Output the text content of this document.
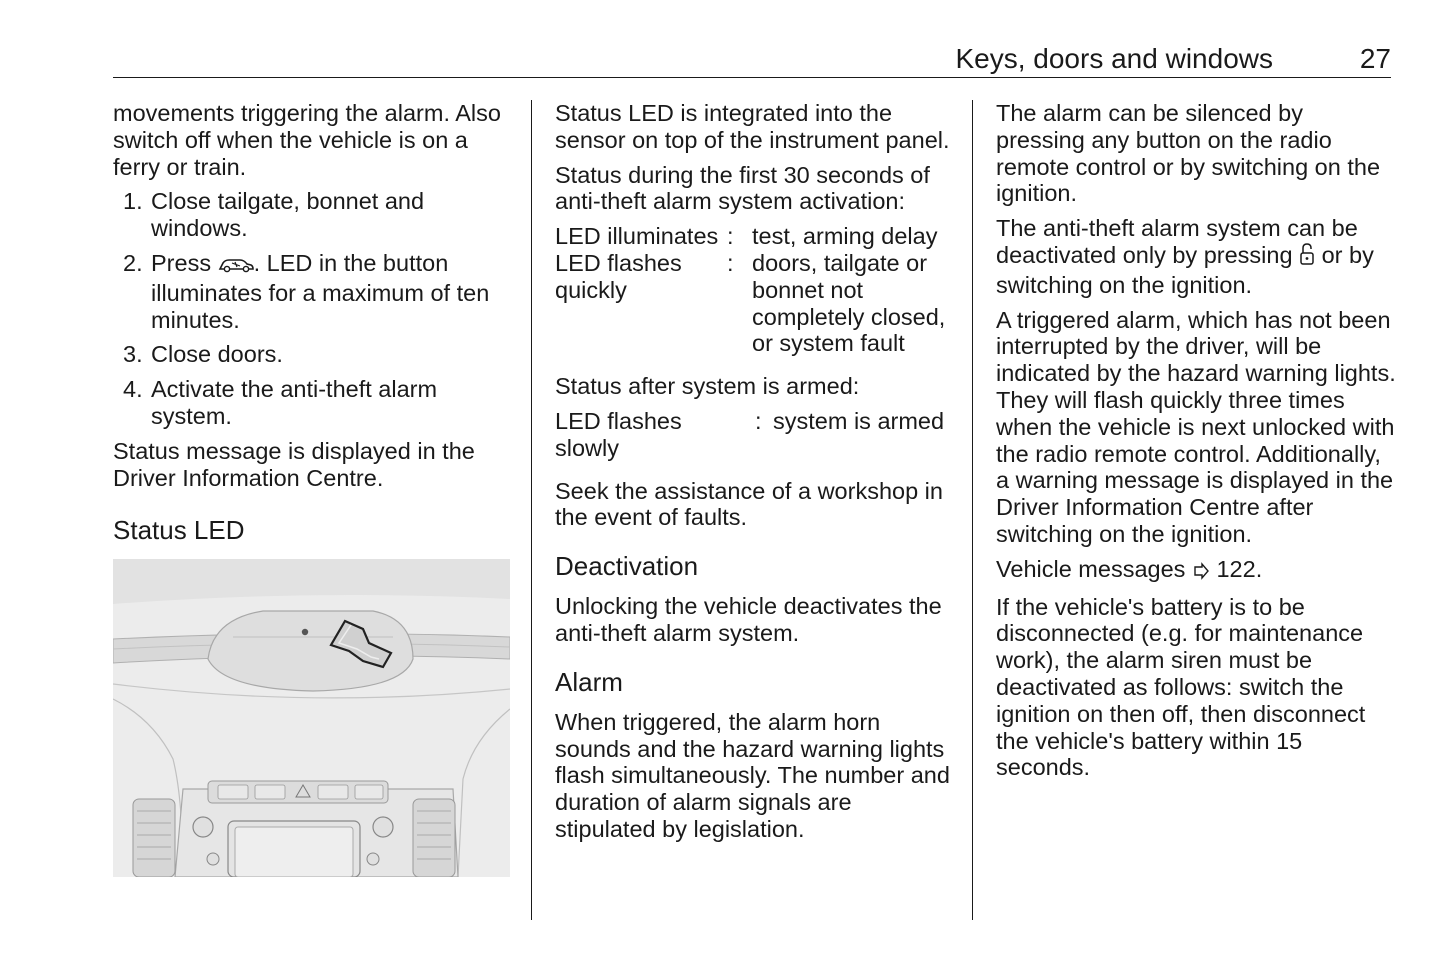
Keys, doors and windows	27

movements triggering the alarm. Also switch off when the vehicle is on a ferry or train.

1. Close tailgate, bonnet and windows.
2. Press . LED in the button illuminates for a maximum of ten minutes.
3. Close doors.
4. Activate the anti-theft alarm system.

Status message is displayed in the Driver Information Centre.

Status LED

Status LED is integrated into the sensor on top of the instrument panel.

Status during the first 30 seconds of anti-theft alarm system activation:

LED illuminates : test, arming delay
LED flashes quickly
: doors, tailgate or bonnet not completely closed, or system fault

Status after system is armed:

LED flashes slowly
: system is armed

Seek the assistance of a workshop in the event of faults.

Deactivation

Unlocking the vehicle deactivates the anti-theft alarm system.

Alarm

When triggered, the alarm horn sounds and the hazard warning lights flash simultaneously. The number and duration of alarm signals are stipulated by legislation.

The alarm can be silenced by pressing any button on the radio remote control or by switching on the ignition.

The anti-theft alarm system can be deactivated only by pressing or by switching on the ignition.

A triggered alarm, which has not been interrupted by the driver, will be indicated by the hazard warning lights. They will flash quickly three times when the vehicle is next unlocked with the radio remote control. Additionally, a warning message is displayed in the Driver Information Centre after switching on the ignition.

Vehicle messages 122.

If the vehicle's battery is to be disconnected (e.g. for maintenance work), the alarm siren must be deactivated as follows: switch the ignition on then off, then disconnect the vehicle's battery within 15 seconds.
